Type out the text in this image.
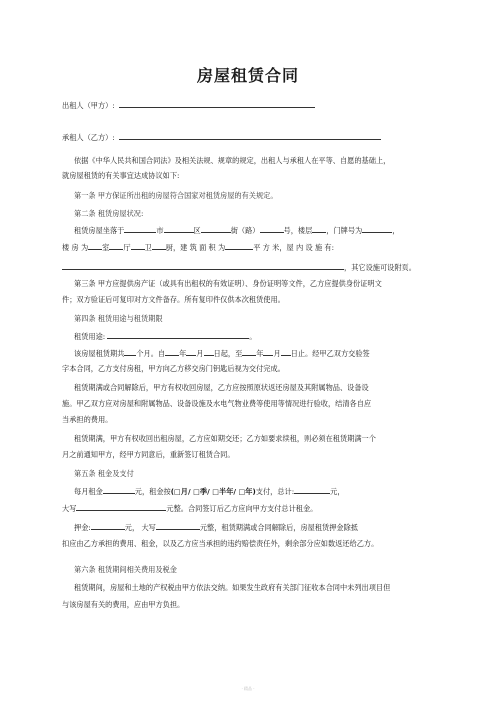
房屋租赁合同
出租人（甲方）:
承租人（乙方）:
依据《中华人民共和国合同法》及相关法规、规章的规定，出租人与承租人在平等、自愿的基础上，
就房屋租赁的有关事宜达成协议如下:
第一条 甲方保证所出租的房屋符合国家对租赁房屋的有关规定。
第二条 租赁房屋状况:
租赁房屋坐落于	市	区	街（路）	号，楼层 ，门牌号为	，
楼 房 为 室 厅 卫 厨，建 筑 面 积 为	平 方 米，屋 内 设 施 有:
，其它设施可设附页。
第三条 甲方应提供房产证（或具有出租权的有效证明）、身份证明等文件，乙方应提供身份证明文
件；双方验证后可复印对方文件备存。所有复印件仅供本次租赁使用。
第四条 租赁用途与租赁期限
租赁用途:	。
该房屋租赁期共 个月。自 年 月 日起，至 年 月 日止。经甲乙双方交验签
字本合同，乙方支付房租，甲方向乙方移交房门钥匙后视为交付完成。
租赁期满或合同解除后，甲方有权收回房屋，乙方应按照原状返还房屋及其附属物品、设备设
施。甲乙双方应对房屋和附属物品、设备设施及水电气物业费等使用等情况进行验收，结清各自应
当承担的费用。
租赁期满，甲方有权收回出租房屋，乙方应如期交还；乙方如要求续租，则必须在租赁期满一个
月之前通知甲方，经甲方同意后，重新签订租赁合同。
第五条 租金及支付
每月租金	元，租金按(□月/ □季/ □半年/ □年)支付，总计:	元，
大写	元整。合同签订后乙方应向甲方支付总计租金。
押金:	元， 大写	元整，租赁期满或合同解除后，房屋租赁押金除抵
扣应由乙方承担的费用、租金，以及乙方应当承担的违约赔偿责任外，剩余部分应如数返还给乙方。
第六条 租赁期间相关费用及税金
租赁期间，房屋和土地的产权税由甲方依法交纳。如果发生政府有关部门征收本合同中未列出项目但
与该房屋有关的费用，应由甲方负担。
· 精品 ·
